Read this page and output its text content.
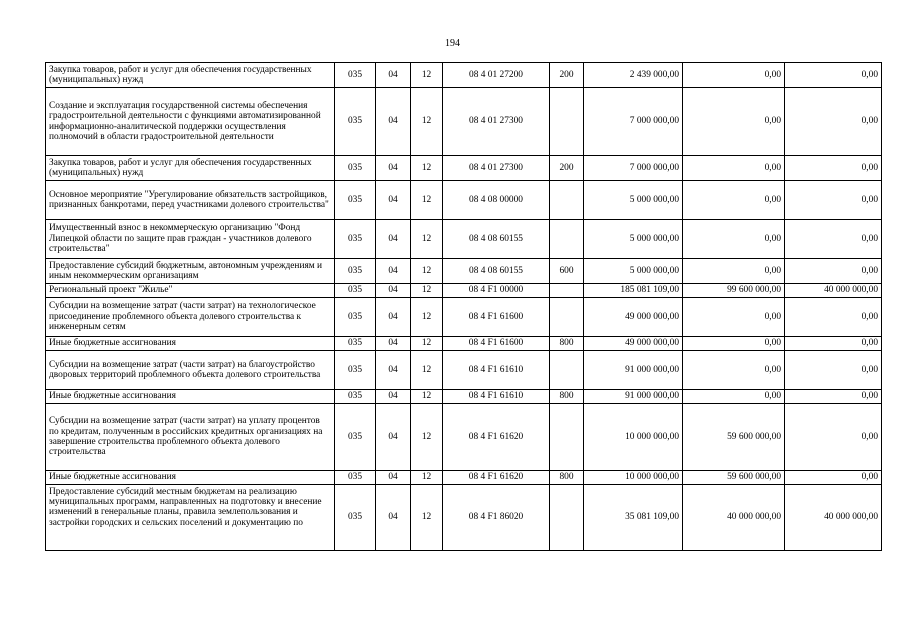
194
Закупка товаров, работ и услуг для обеспечения государственных (муниципальных) нужд	035	04	12	08 4 01 27200	200	2 439 000,00	0,00	0,00
Создание и эксплуатация государственной системы обеспечения градостроительной деятельности с функциями автоматизированной информационно-аналитической поддержки осуществления полномочий в области градостроительной деятельности	035	04	12	08 4 01 27300		7 000 000,00	0,00	0,00
Закупка товаров, работ и услуг для обеспечения государственных (муниципальных) нужд	035	04	12	08 4 01 27300	200	7 000 000,00	0,00	0,00
Основное мероприятие "Урегулирование обязательств застройщиков, признанных банкротами, перед участниками долевого строительства"	035	04	12	08 4 08 00000		5 000 000,00	0,00	0,00
Имущественный взнос в некоммерческую организацию "Фонд Липецкой области по защите прав граждан - участников долевого строительства"	035	04	12	08 4 08 60155		5 000 000,00	0,00	0,00
Предоставление субсидий бюджетным, автономным учреждениям и иным некоммерческим организациям	035	04	12	08 4 08 60155	600	5 000 000,00	0,00	0,00
Региональный проект "Жилье"	035	04	12	08 4 F1 00000		185 081 109,00	99 600 000,00	40 000 000,00
Субсидии на возмещение затрат (части затрат) на технологическое присоединение проблемного объекта долевого строительства к инженерным сетям	035	04	12	08 4 F1 61600		49 000 000,00	0,00	0,00
Иные бюджетные ассигнования	035	04	12	08 4 F1 61600	800	49 000 000,00	0,00	0,00
Субсидии на возмещение затрат (части затрат) на благоустройство дворовых территорий проблемного объекта долевого строительства	035	04	12	08 4 F1 61610		91 000 000,00	0,00	0,00
Иные бюджетные ассигнования	035	04	12	08 4 F1 61610	800	91 000 000,00	0,00	0,00
Субсидии на возмещение затрат (части затрат) на уплату процентов по кредитам, полученным в российских кредитных организациях на завершение строительства проблемного объекта долевого строительства	035	04	12	08 4 F1 61620		10 000 000,00	59 600 000,00	0,00
Иные бюджетные ассигнования	035	04	12	08 4 F1 61620	800	10 000 000,00	59 600 000,00	0,00

Предоставление субсидий местным бюджетам на реализацию муниципальных программ, направленных на подготовку и внесение изменений в генеральные планы, правила землепользования и застройки городских и сельских поселений и документацию по	035	04	12	08 4 F1 86020		35 081 109,00	40 000 000,00	40 000 000,00
